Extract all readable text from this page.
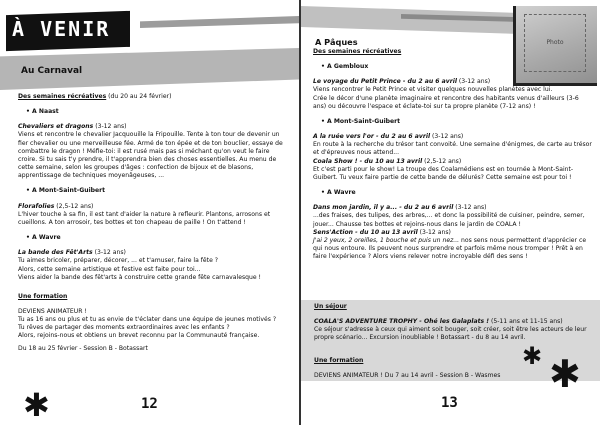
À VENIR
Au Carnaval
Des semaines récréatives (du 20 au 24 février)
• A Naast
Chevaliers et dragons (3-12 ans)
Viens et rencontre le chevalier Jacquouille la Fripouille. Tente à ton tour de devenir un fier chevalier ou une merveilleuse fée. Armé de ton épée et de ton bouclier, essaye de combattre le dragon ! Méfie-toi: il est rusé mais pas si méchant qu'on veut le faire croire. Si tu sais t'y prendre, il t'apprendra bien des choses essentielles. Au menu de cette semaine, selon les groupes d'âges : confection de bijoux et de blasons, apprentissage de techniques moyenâgeuses, ...
• A Mont-Saint-Guibert
Florafolies (2,5-12 ans)
L'hiver touche à sa fin, il est tant d'aider la nature à refleurir. Plantons, arrosons et cueillons. A ton arrosoir, tes bottes et ton chapeau de paille ! On t'attend !
• A Wavre
La bande des Fêt'Arts (3-12 ans)
Tu aimes bricoler, préparer, décorer, ... et t'amuser, faire la fête ?
Alors, cette semaine artistique et festive est faite pour toi...
Viens aider la bande des fêt'arts à construire cette grande fête carnavalesque !
Une formation
DEVIENS ANIMATEUR !
Tu as 16 ans ou plus et tu as envie de t'éclater dans une équipe de jeunes motivés ?
Tu rêves de partager des moments extraordinaires avec les enfants ?
Alors, rejoins-nous et obtiens un brevet reconnu par la Communauté française.
Du 18 au 25 février - Session B - Botassart
✱	12
Photo
A Pâques
Des semaines récréatives
• A Gembloux
Le voyage du Petit Prince - du 2 au 6 avril (3-12 ans)
Viens rencontrer le Petit Prince et visiter quelques nouvelles planètes avec lui.
Crée le décor d'une planète imaginaire et rencontre des habitants venus d'ailleurs (3-6 ans) ou découvre l'espace et éclate-toi sur ta propre planète (7-12 ans) !
• A Mont-Saint-Guibert
A la ruée vers l'or - du 2 au 6 avril (3-12 ans)
En route à la recherche du trésor tant convoité. Une semaine d'énigmes, de carte au trésor et d'épreuves nous attend...
Coala Show ! - du 10 au 13 avril (2,5-12 ans)
Et c'est parti pour le show! La troupe des Coalamédiens est en tournée à Mont-Saint-Guibert. Tu veux faire partie de cette bande de délurés? Cette semaine est pour toi !
• A Wavre
Dans mon jardin, il y a... - du 2 au 6 avril (3-12 ans)
...des fraises, des tulipes, des arbres,... et donc la possibilité de cuisiner, peindre, semer, jouer... Chausse tes bottes et rejoins-nous dans le jardin de COALA !
Sens'Action - du 10 au 13 avril (3-12 ans)
J'ai 2 yeux, 2 oreilles, 1 bouche et puis un nez... nos sens nous permettent d'apprécier ce qui nous entoure. Ils peuvent nous surprendre et parfois même nous tromper ! Prêt à en faire l'expérience ? Alors viens relever notre incroyable défi des sens !
Un séjour
COALA'S ADVENTURE TROPHY - Ohé les Galaplats ! (5-11 ans et 11-15 ans)
Ce séjour s'adresse à ceux qui aiment soit bouger, soit créer, soit être les acteurs de leur propre scénario... Excursion inoubliable ! Botassart - du 8 au 14 avril.
Une formation
DEVIENS ANIMATEUR ! Du 7 au 14 avril - Session B - Wasmes
✱ ✱
13
